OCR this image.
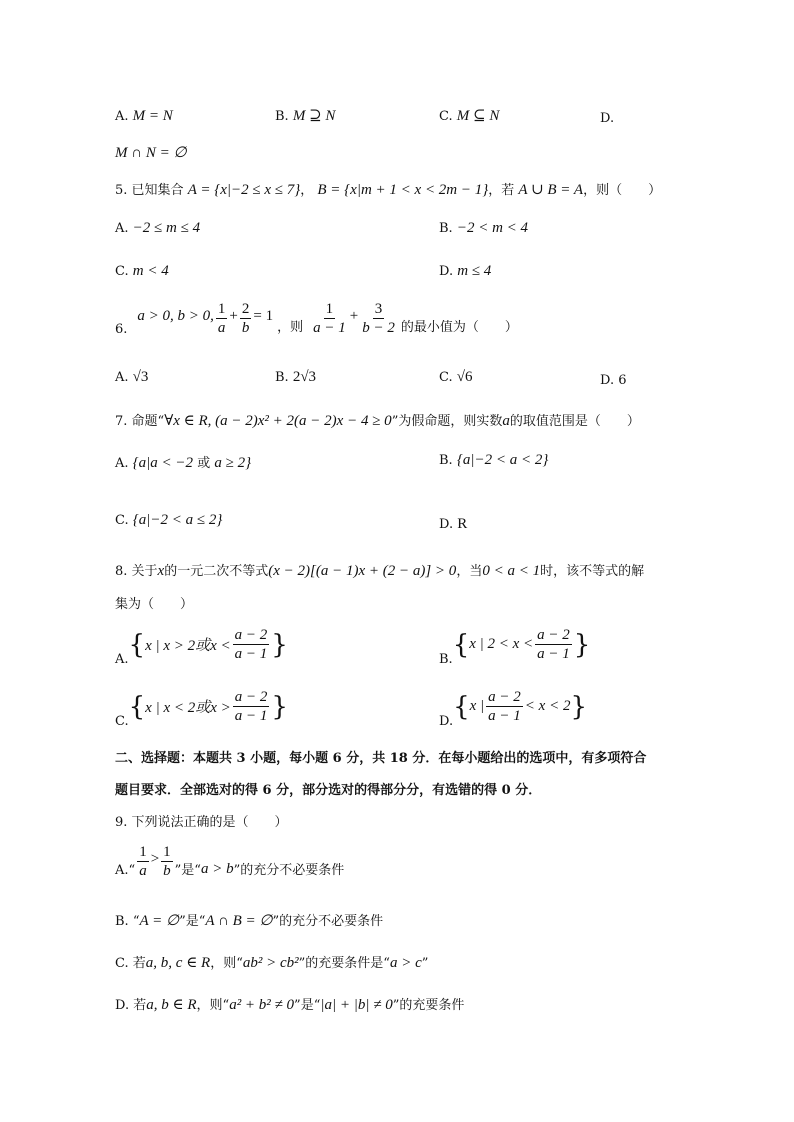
A. M = N	B. M ⊇ N	C. M ⊆ N	D.
M ∩ N = ∅
5. 已知集合 A = {x|−2 ≤ x ≤ 7}， B = {x|m + 1 < x < 2m − 1}，若 A ∪ B = A，则（　　）
A. −2 ≤ m ≤ 4	B. −2 < m < 4
C. m < 4	D. m ≤ 4
6.
a > 0, b > 0, $\frac{1}{a} + \frac{2}{b} = 1$
，则 $\frac{1}{a - 1} + \frac{3}{b - 2}$ 的最小值为（　　）
A. √3	B. 2√3	C. √6	D. 6
7. 命题“∀x ∈ R, (a − 2)x² + 2(a − 2)x − 4 ≥ 0”为假命题，则实数a的取值范围是（　　）
A. {a|a < −2 或 a ≥ 2}	B. {a|−2 < a < 2}
C. {a|−2 < a ≤ 2}	D. R
8. 关于x的一元二次不等式(x − 2)[(a − 1)x + (2 − a)] > 0，当0 < a < 1时，该不等式的解
集为（　　）
A. { x | x > 2或$x < \frac{a - 2}{a - 1}$ }	B. { x | $2 < x < \frac{a - 2}{a - 1}$ }
C. { x | x < 2或$x > \frac{a - 2}{a - 1}$ }	D. { x | $\frac{a - 2}{a - 1} < x < 2$ }
二、选择题：本题共 3 小题，每小题 6 分，共 18 分．在每小题给出的选项中，有多项符合
题目要求．全部选对的得 6 分，部分选对的得部分分，有选错的得 0 分．
9. 下列说法正确的是（　　）
A. “ $\frac{1}{a} > \frac{1}{b}$ ”是“ a > b ”的充分不必要条件
B. “A = ∅”是“A ∩ B = ∅”的充分不必要条件
C. 若a, b, c ∈ R，则“ab² > cb²”的充要条件是“a > c”
D. 若a, b ∈ R，则“a² + b² ≠ 0”是“|a| + |b| ≠ 0”的充要条件
